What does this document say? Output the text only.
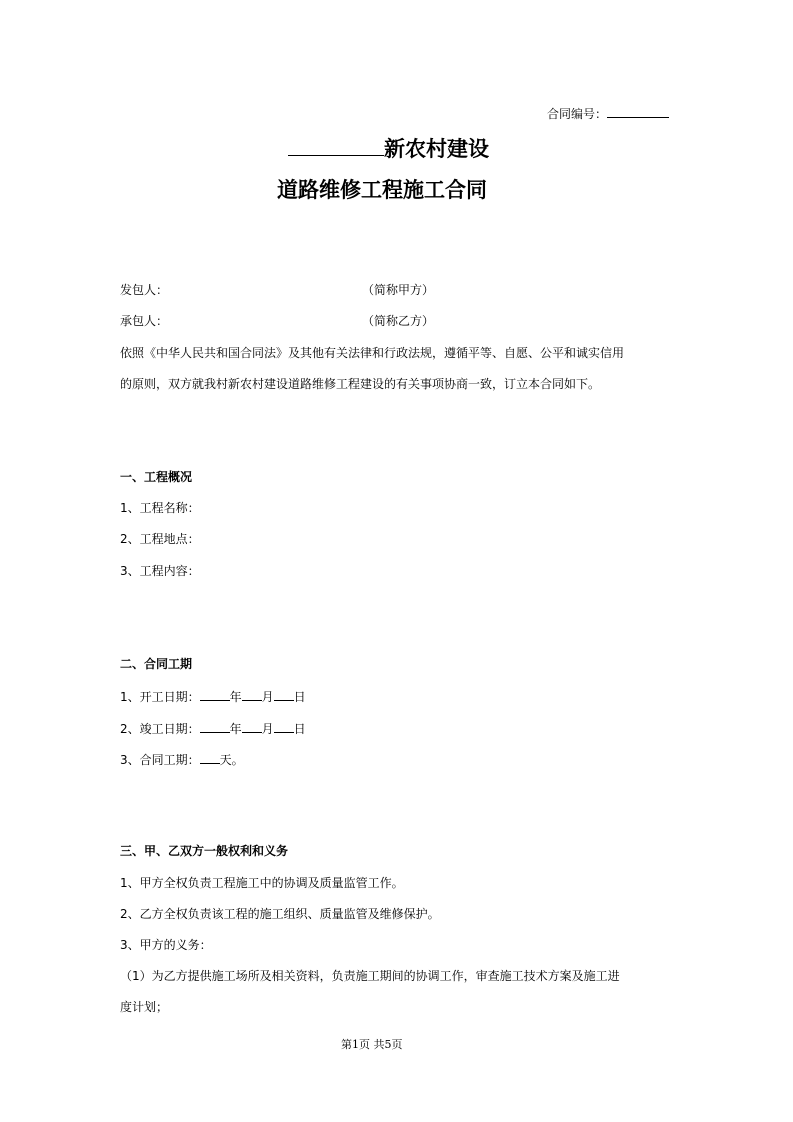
合同编号：
新农村建设
道路维修工程施工合同
发包人：	（简称甲方）
承包人：	（简称乙方）
依照《中华人民共和国合同法》及其他有关法律和行政法规，遵循平等、自愿、公平和诚实信用
的原则，双方就我村新农村建设道路维修工程建设的有关事项协商一致，订立本合同如下。
一、工程概况
1、工程名称：
2、工程地点：
3、工程内容：
二、合同工期
1、开工日期：	年 月 日
2、竣工日期：	年 月 日
3、合同工期： 天。
三、甲、乙双方一般权利和义务
1、甲方全权负责工程施工中的协调及质量监管工作。
2、乙方全权负责该工程的施工组织、质量监管及维修保护。
3、甲方的义务：
（1）为乙方提供施工场所及相关资料，负责施工期间的协调工作，审查施工技术方案及施工进
度计划；
第1页 共5页
